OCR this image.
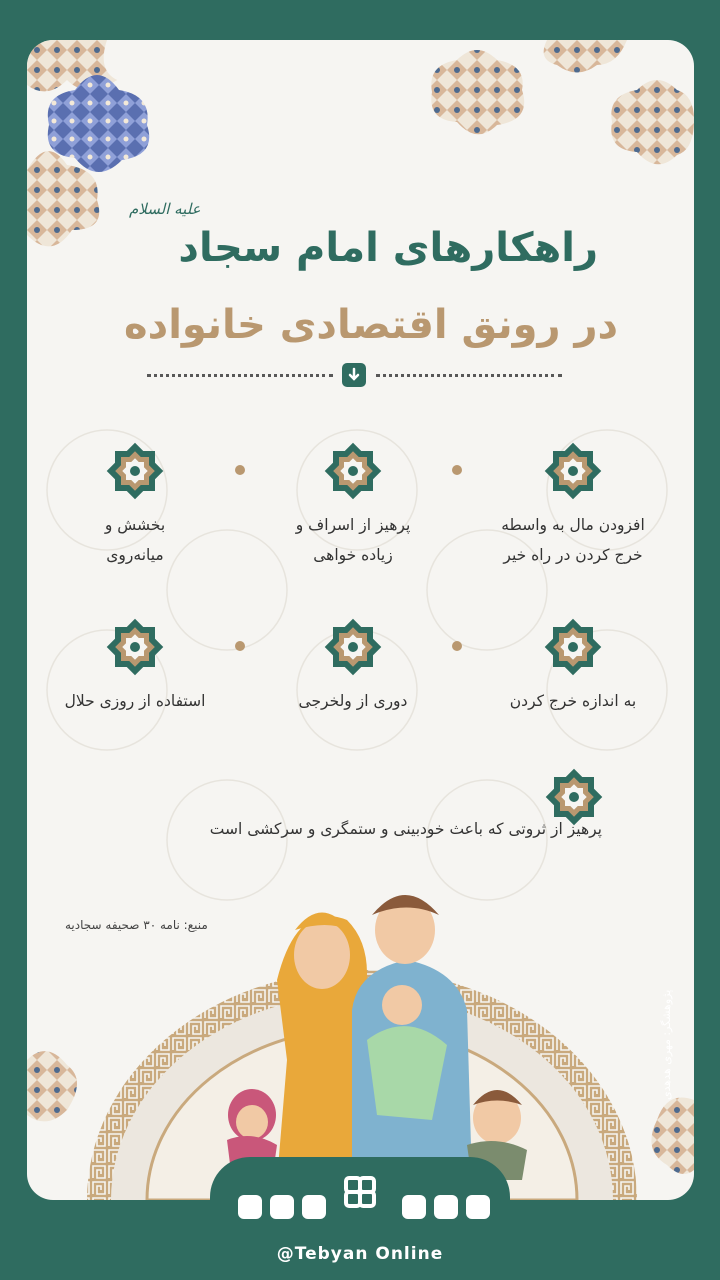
راهکارهای امام سجاد
علیه السلام
در رونق اقتصادی خانواده
افزودن مال به واسطه
خرج کردن در راه خیر
پرهیز از اسراف و
زیاده خواهی
بخشش و
میانه‌روی
به اندازه خرج کردن
دوری از ولخرجی
استفاده از روزی حلال
پرهیز از ثروتی که باعث خودبینی و ستمگری و سرکشی است
منبع: نامه ۳۰ صحیفه سجادیه
پژوهشگر: مهری هدهدی
@Tebyan Online
